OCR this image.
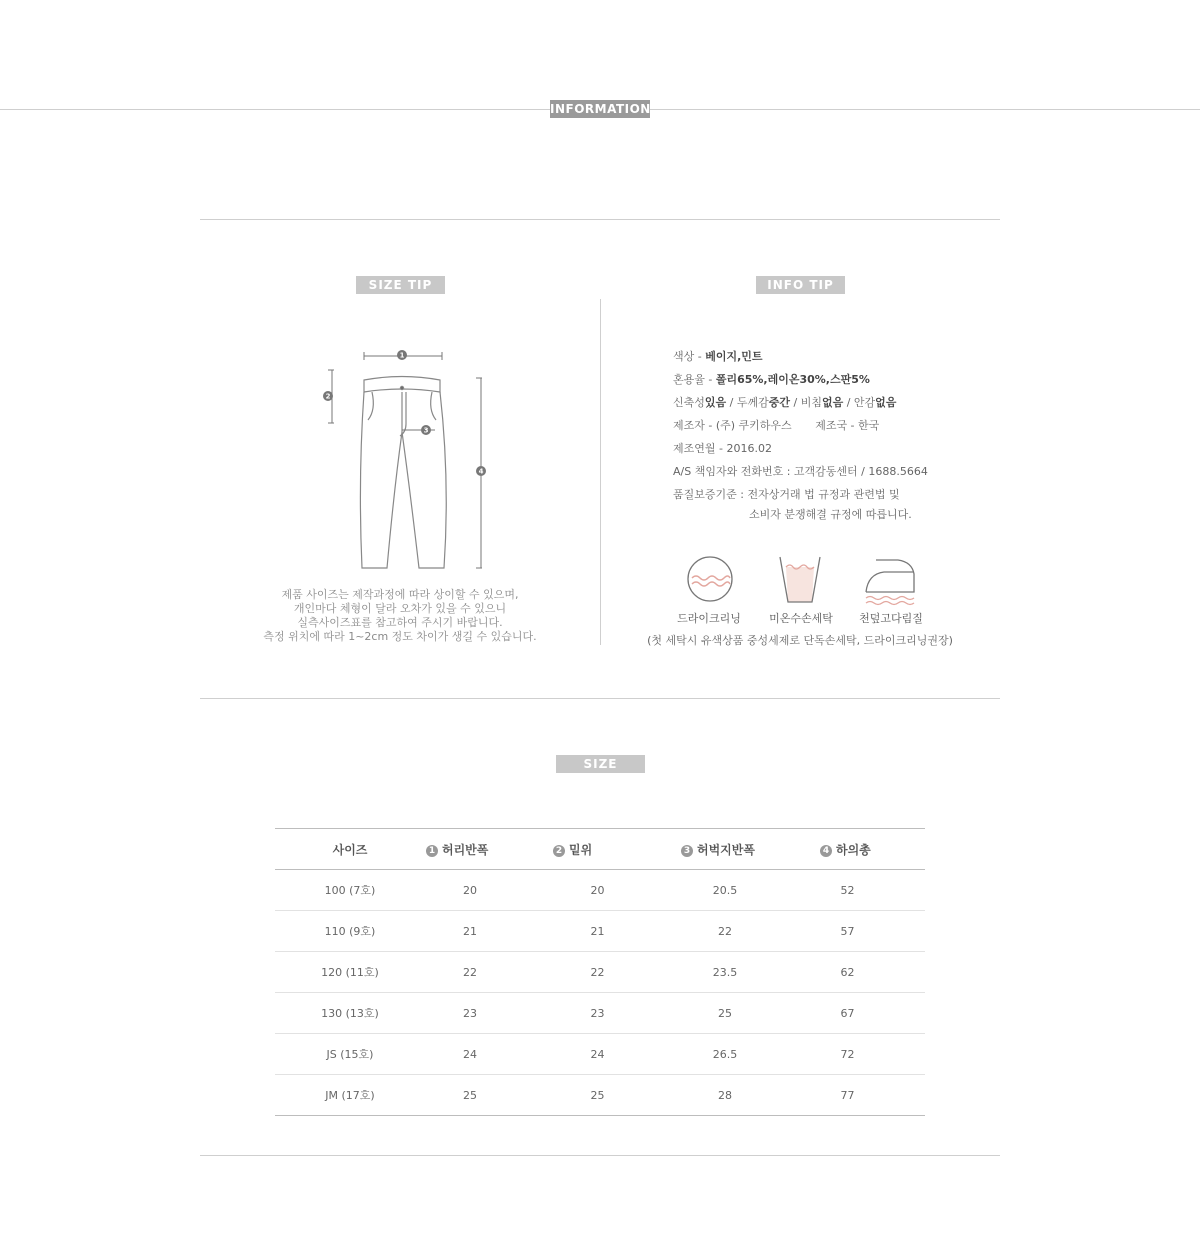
INFORMATION
SIZE TIP
1
2
3
4
제품 사이즈는 제작과정에 따라 상이할 수 있으며,
개인마다 체형이 달라 오차가 있을 수 있으니
실측사이즈표를 참고하여 주시기 바랍니다.
측정 위치에 따라 1~2cm 정도 차이가 생길 수 있습니다.
INFO TIP
색상 - 베이지,민트
혼용율 - 폴리65%,레이온30%,스판5%
신축성있음 / 두께감중간 / 비침없음 / 안감없음
제조자 - (주) 쿠키하우스 제조국 - 한국
제조연월 - 2016.02
A/S 책임자와 전화번호 : 고객감동센터 / 1688.5664
품질보증기준 : 전자상거래 법 규정과 관련법 및
소비자 분쟁해결 규정에 따릅니다.
드라이크리닝	미온수손세탁	천덮고다림질
(첫 세탁시 유색상품 중성세제로 단독손세탁, 드라이크리닝권장)
SIZE
사이즈	1 허리반폭	2 밑위	3 허벅지반폭	4 하의총
100 (7호)	20	20	20.5	52
110 (9호)	21	21	22	57
120 (11호)	22	22	23.5	62
130 (13호)	23	23	25	67
JS (15호)	24	24	26.5	72
JM (17호)	25	25	28	77
